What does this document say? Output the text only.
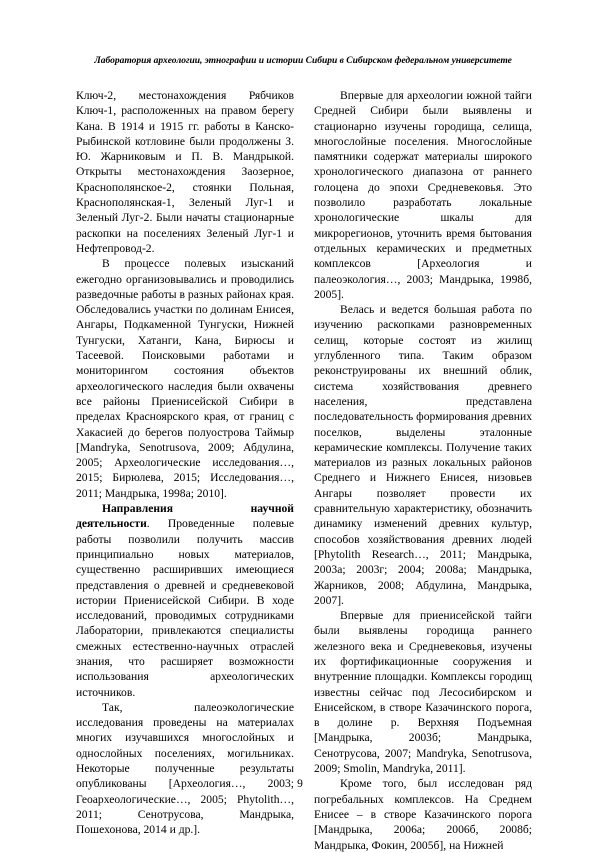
Лаборатория археологии, этнографии и истории Сибири в Сибирском федеральном университете

Ключ-2, местонахождения Рябчиков Ключ-1, расположенных на правом берегу Кана. В 1914 и 1915 гг. работы в Канско-Рыбинской котловине были продолжены З. Ю. Жарниковым и П. В. Мандрыкой. Открыты местонахождения Заозерное, Краснополянское-2, стоянки Польная, Краснополянская-1, Зеленый Луг-1 и Зеленый Луг-2. Были начаты стационарные раскопки на поселениях Зеленый Луг-1 и Нефтепровод-2.

В процессе полевых изысканий ежегодно организовывались и проводились разведочные работы в разных районах края. Обследовались участки по долинам Енисея, Ангары, Подкаменной Тунгуски, Нижней Тунгуски, Хатанги, Кана, Бирюсы и Тасеевой. Поисковыми работами и мониторингом состояния объектов археологического наследия были охвачены все районы Приенисейской Сибири в пределах Красноярского края, от границ с Хакасией до берегов полуострова Таймыр [Mandryka, Senotrusova, 2009; Абдулина, 2005; Археологические исследования…, 2015; Бирюлева, 2015; Исследования…, 2011; Мандрыка, 1998а; 2010].

Направления научной деятельности. Проведенные полевые работы позволили получить массив принципиально новых материалов, существенно расширивших имеющиеся представления о древней и средневековой истории Приенисейской Сибири. В ходе исследований, проводимых сотрудниками Лаборатории, привлекаются специалисты смежных естественно-научных отраслей знания, что расширяет возможности использования археологических источников.

Так, палеоэкологические исследования проведены на материалах многих изучавшихся многослойных и однослойных поселениях, могильниках. Некоторые полученные результаты опубликованы [Археология…, 2003; Геоархеологические…, 2005; Phytolith…, 2011; Сенотрусова, Мандрыка, Пошехонова, 2014 и др.].

Впервые для археологии южной тайги Средней Сибири были выявлены и стационарно изучены городища, селища, многослойные поселения. Многослойные памятники содержат материалы широкого хронологического диапазона от раннего голоцена до эпохи Средневековья. Это позволило разработать локальные хронологические шкалы для микрорегионов, уточнить время бытования отдельных керамических и предметных комплексов [Археология и палеоэкология…, 2003; Мандрыка, 1998б, 2005].

Велась и ведется большая работа по изучению раскопками разновременных селищ, которые состоят из жилищ углубленного типа. Таким образом реконструированы их внешний облик, система хозяйствования древнего населения, представлена последовательность формирования древних поселков, выделены эталонные керамические комплексы. Получение таких материалов из разных локальных районов Среднего и Нижнего Енисея, низовьев Ангары позволяет провести их сравнительную характеристику, обозначить динамику изменений древних культур, способов хозяйствования древних людей [Phytolith Research…, 2011; Мандрыка, 2003а; 2003г; 2004; 2008а; Мандрыка, Жарников, 2008; Абдулина, Мандрыка, 2007].

Впервые для приенисейской тайги были выявлены городища раннего железного века и Средневековья, изучены их фортификационные сооружения и внутренние площадки. Комплексы городищ известны сейчас под Лесосибирском и Енисейском, в створе Казачинского порога, в долине р. Верхняя Подъемная [Мандрыка, 2003б; Мандрыка, Сенотрусова, 2007; Mandryka, Senotrusova, 2009; Smolin, Mandryka, 2011].

Кроме того, был исследован ряд погребальных комплексов. На Среднем Енисее – в створе Казачинского порога [Мандрыка, 2006а; 2006б, 2008б; Мандрыка, Фокин, 2005б], на Нижней

9
